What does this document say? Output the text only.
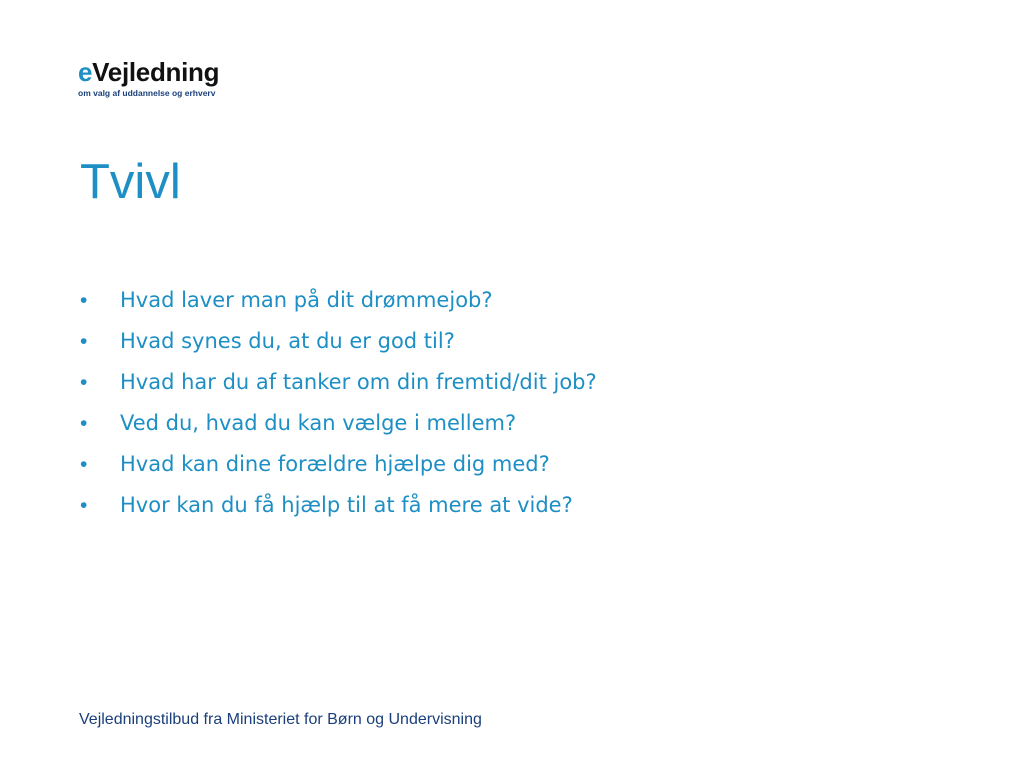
eVejledning
om valg af uddannelse og erhverv
Tvivl
•	Hvad laver man på dit drømmejob?
•	Hvad synes du, at du er god til?
•	Hvad har du af tanker om din fremtid/dit job?
•	Ved du, hvad du kan vælge i mellem?
•	Hvad kan dine forældre hjælpe dig med?
•	Hvor kan du få hjælp til at få mere at vide?
Vejledningstilbud fra Ministeriet for Børn og Undervisning
